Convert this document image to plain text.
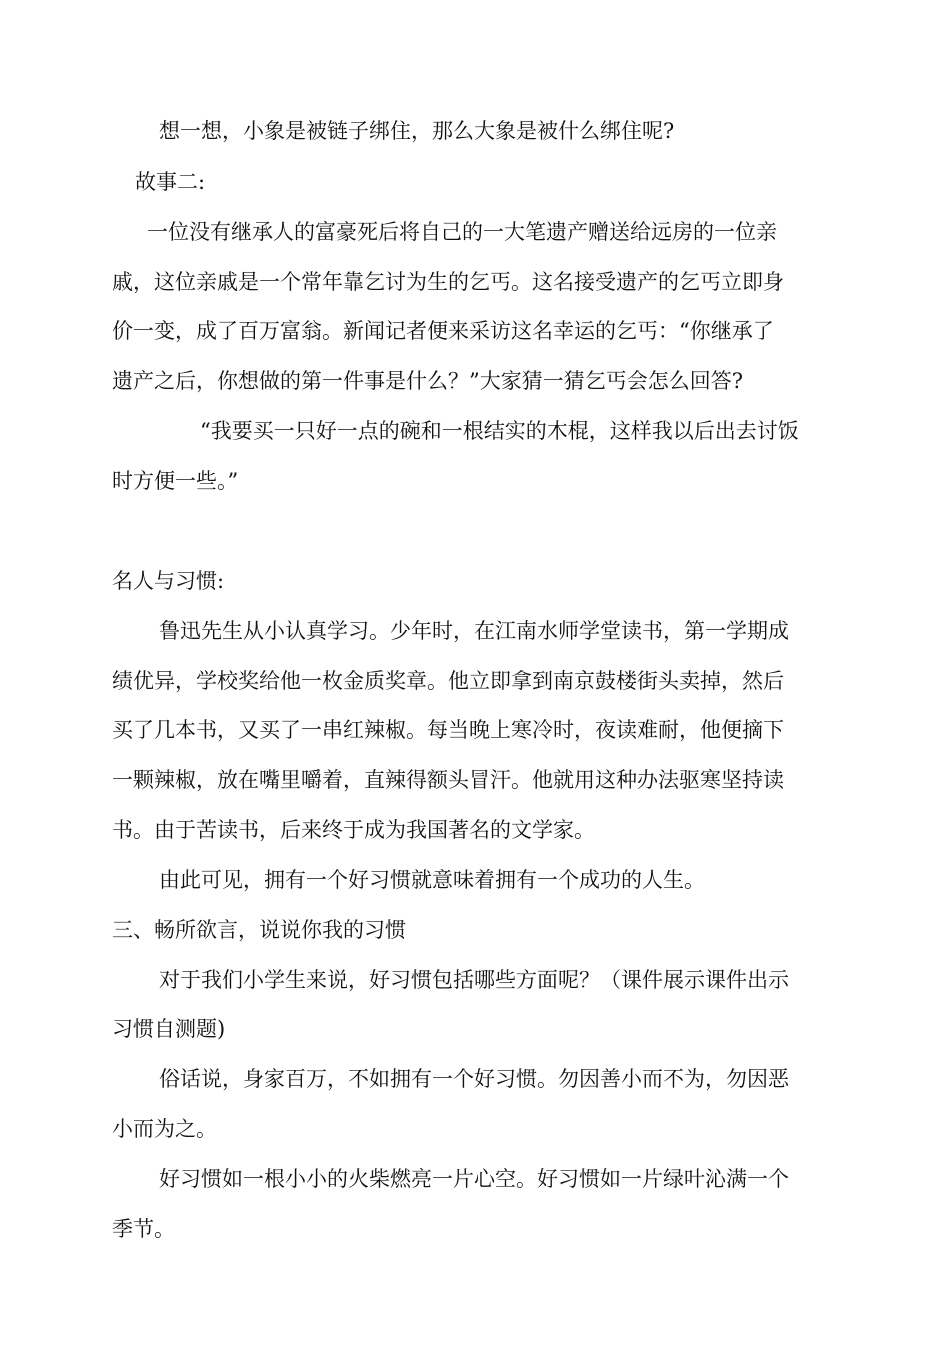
想一想，小象是被链子绑住，那么大象是被什么绑住呢?
故事二:
一位没有继承人的富豪死后将自己的一大笔遗产赠送给远房的一位亲
戚，这位亲戚是一个常年靠乞讨为生的乞丐。这名接受遗产的乞丐立即身
价一变，成了百万富翁。新闻记者便来采访这名幸运的乞丐：“你继承了
遗产之后，你想做的第一件事是什么？”大家猜一猜乞丐会怎么回答?
“我要买一只好一点的碗和一根结实的木棍，这样我以后出去讨饭
时方便一些。”
名人与习惯:
鲁迅先生从小认真学习。少年时，在江南水师学堂读书，第一学期成
绩优异，学校奖给他一枚金质奖章。他立即拿到南京鼓楼街头卖掉，然后
买了几本书，又买了一串红辣椒。每当晚上寒冷时，夜读难耐，他便摘下
一颗辣椒，放在嘴里嚼着，直辣得额头冒汗。他就用这种办法驱寒坚持读
书。由于苦读书，后来终于成为我国著名的文学家。
由此可见，拥有一个好习惯就意味着拥有一个成功的人生。
三、畅所欲言，说说你我的习惯
对于我们小学生来说，好习惯包括哪些方面呢？（课件展示课件出示
习惯自测题)
俗话说，身家百万，不如拥有一个好习惯。勿因善小而不为，勿因恶
小而为之。
好习惯如一根小小的火柴燃亮一片心空。好习惯如一片绿叶沁满一个
季节。
